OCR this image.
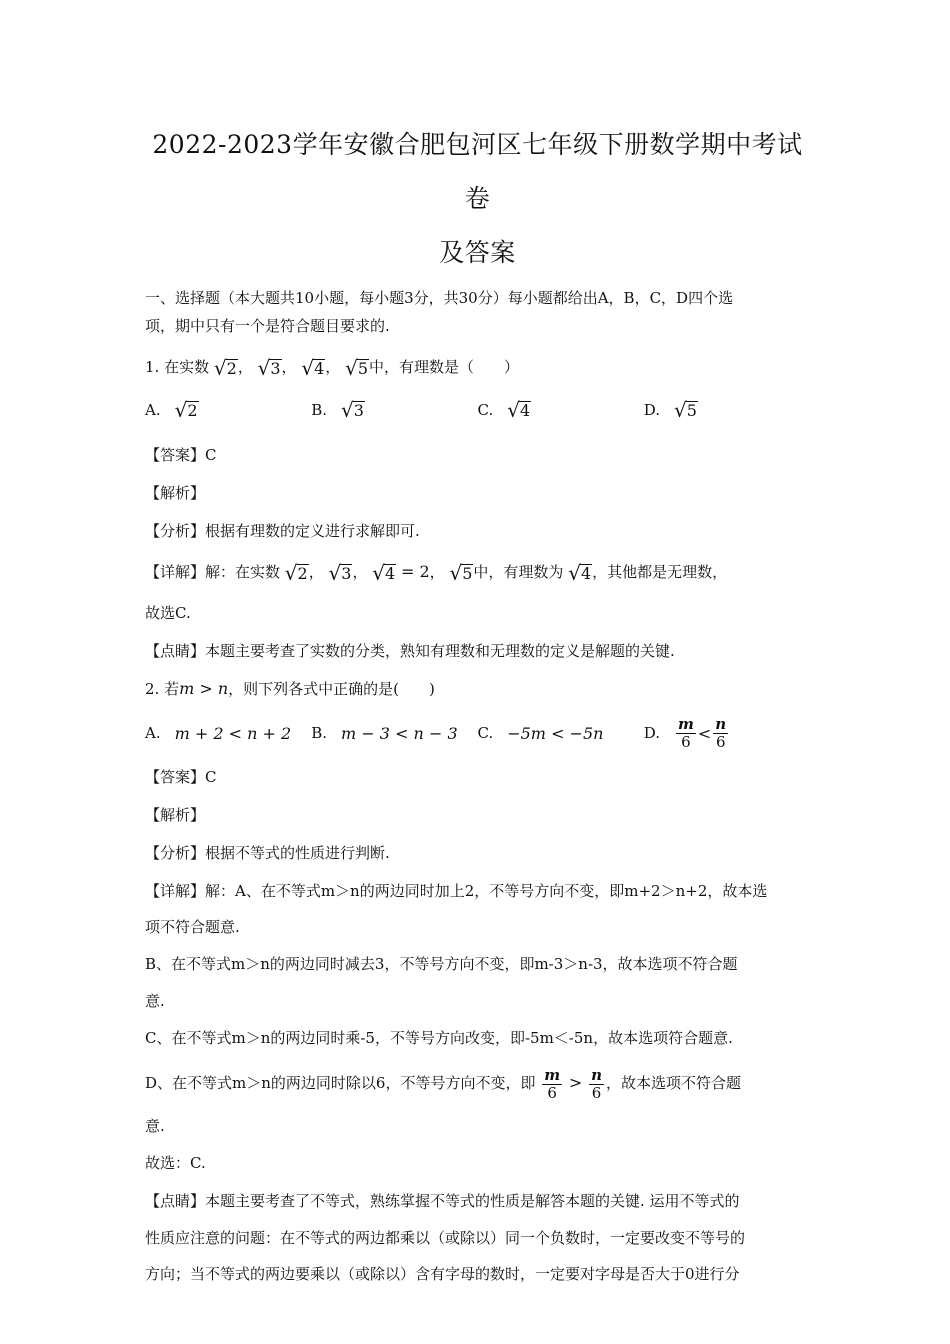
2022-2023学年安徽合肥包河区七年级下册数学期中考试卷
及答案

一、选择题（本大题共10小题，每小题3分，共30分）每小题都给出A，B，C，D四个选

项，期中只有一个是符合题目要求的.

1. 在实数 √ 2 ， √ 3 ， √ 4 ， √ 5 中，有理数是（　　）

A. √ 2	B. √ 3	C. √ 4	D. √ 5

【答案】C

【解析】

【分析】根据有理数的定义进行求解即可.

【详解】解：在实数 √ 2 ， √ 3 ， √ 4 = 2， √ 5 中，有理数为 √ 4 ，其他都是无理数，

故选C.

【点睛】本题主要考查了实数的分类，熟知有理数和无理数的定义是解题的关键.

2. 若m > n，则下列各式中正确的是(　　)

A. m + 2 < n + 2 B. m − 3 < n − 3 C. −5m < −5n	D. $\frac{m}{6} < \frac{n}{6}$

【答案】C

【解析】

【分析】根据不等式的性质进行判断.

【详解】解：A、在不等式m＞n的两边同时加上2，不等号方向不变，即m+2＞n+2，故本选

项不符合题意.

B、在不等式m＞n的两边同时减去3，不等号方向不变，即m-3＞n-3，故本选项不符合题

意.

C、在不等式m＞n的两边同时乘-5，不等号方向改变，即-5m＜-5n，故本选项符合题意.

D、在不等式m＞n的两边同时除以6，不等号方向不变，即 $\frac{m}{6} > \frac{n}{6}$ ，故本选项不符合题

意.

故选：C.

【点睛】本题主要考查了不等式，熟练掌握不等式的性质是解答本题的关键. 运用不等式的

性质应注意的问题：在不等式的两边都乘以（或除以）同一个负数时，一定要改变不等号的

方向；当不等式的两边要乘以（或除以）含有字母的数时，一定要对字母是否大于0进行分
